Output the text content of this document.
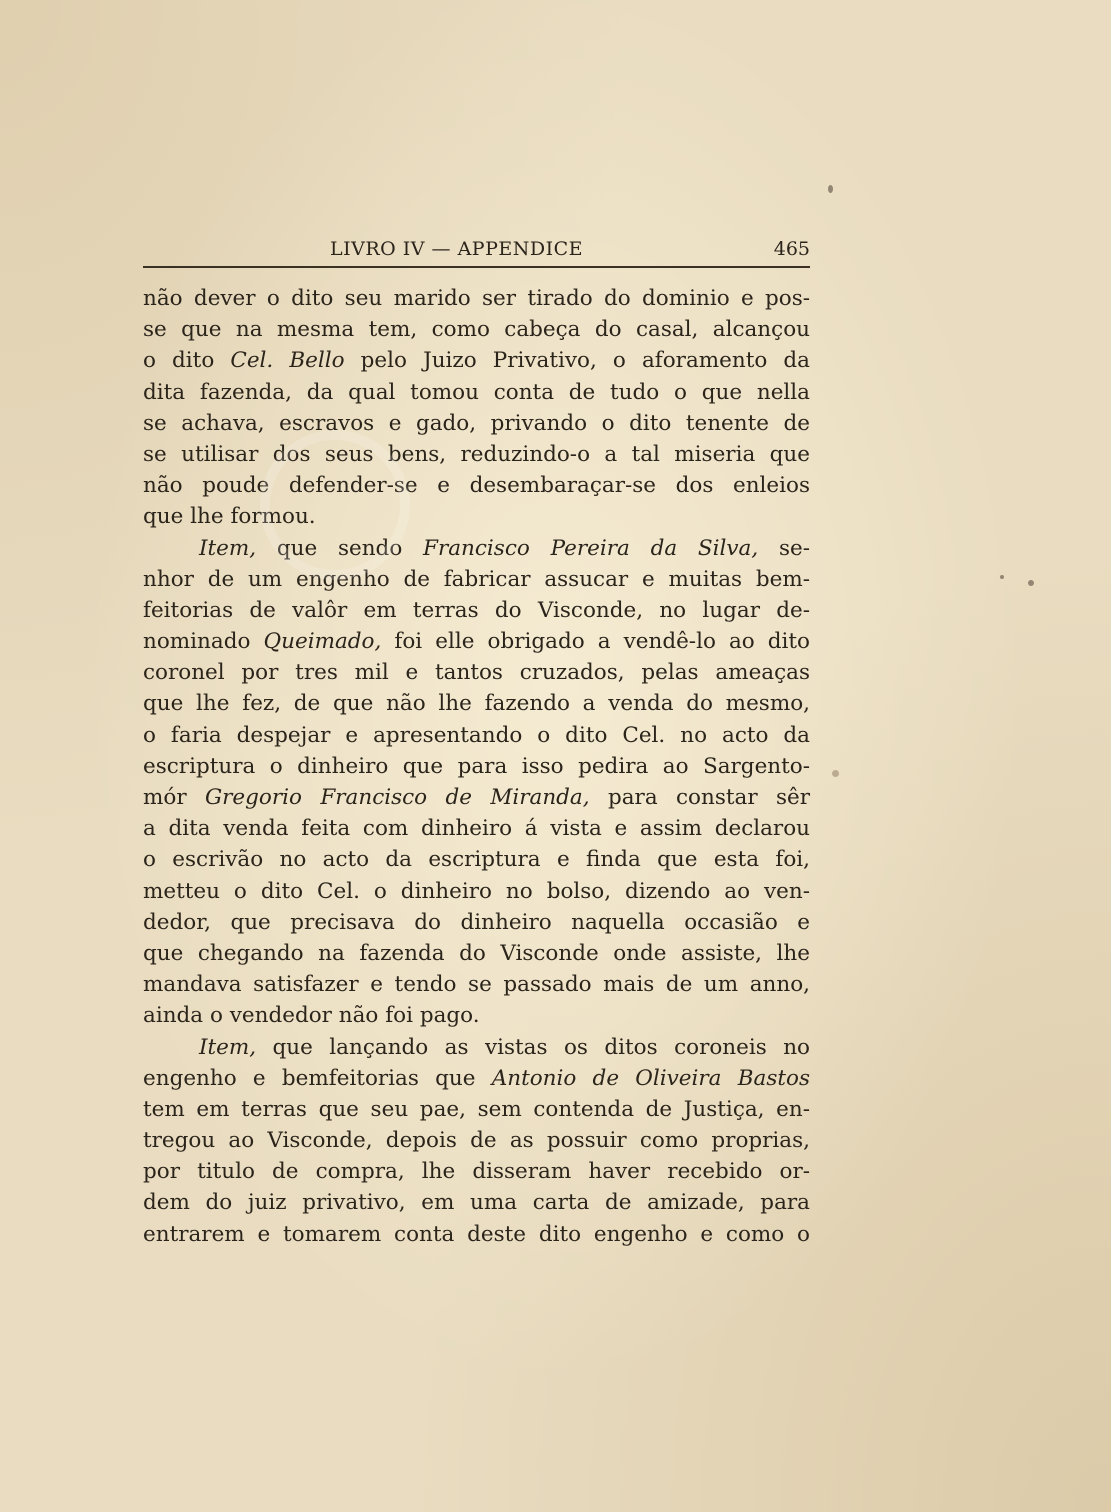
LIVRO IV — APPENDICE	465
não dever o dito seu marido ser tirado do dominio e pos-
se que na mesma tem, como cabeça do casal, alcançou
o dito Cel. Bello pelo Juizo Privativo, o aforamento da
dita fazenda, da qual tomou conta de tudo o que nella
se achava, escravos e gado, privando o dito tenente de
se utilisar dos seus bens, reduzindo-o a tal miseria que
não poude defender-se e desembaraçar-se dos enleios
que lhe formou.
Item, que sendo Francisco Pereira da Silva, se-
nhor de um engenho de fabricar assucar e muitas bem-
feitorias de valôr em terras do Visconde, no lugar de-
nominado Queimado, foi elle obrigado a vendê-lo ao dito
coronel por tres mil e tantos cruzados, pelas ameaças
que lhe fez, de que não lhe fazendo a venda do mesmo,
o faria despejar e apresentando o dito Cel. no acto da
escriptura o dinheiro que para isso pedira ao Sargento-
mór Gregorio Francisco de Miranda, para constar sêr
a dita venda feita com dinheiro á vista e assim declarou
o escrivão no acto da escriptura e finda que esta foi,
metteu o dito Cel. o dinheiro no bolso, dizendo ao ven-
dedor, que precisava do dinheiro naquella occasião e
que chegando na fazenda do Visconde onde assiste, lhe
mandava satisfazer e tendo se passado mais de um anno,
ainda o vendedor não foi pago.
Item, que lançando as vistas os ditos coroneis no
engenho e bemfeitorias que Antonio de Oliveira Bastos
tem em terras que seu pae, sem contenda de Justiça, en-
tregou ao Visconde, depois de as possuir como proprias,
por titulo de compra, lhe disseram haver recebido or-
dem do juiz privativo, em uma carta de amizade, para
entrarem e tomarem conta deste dito engenho e como o
